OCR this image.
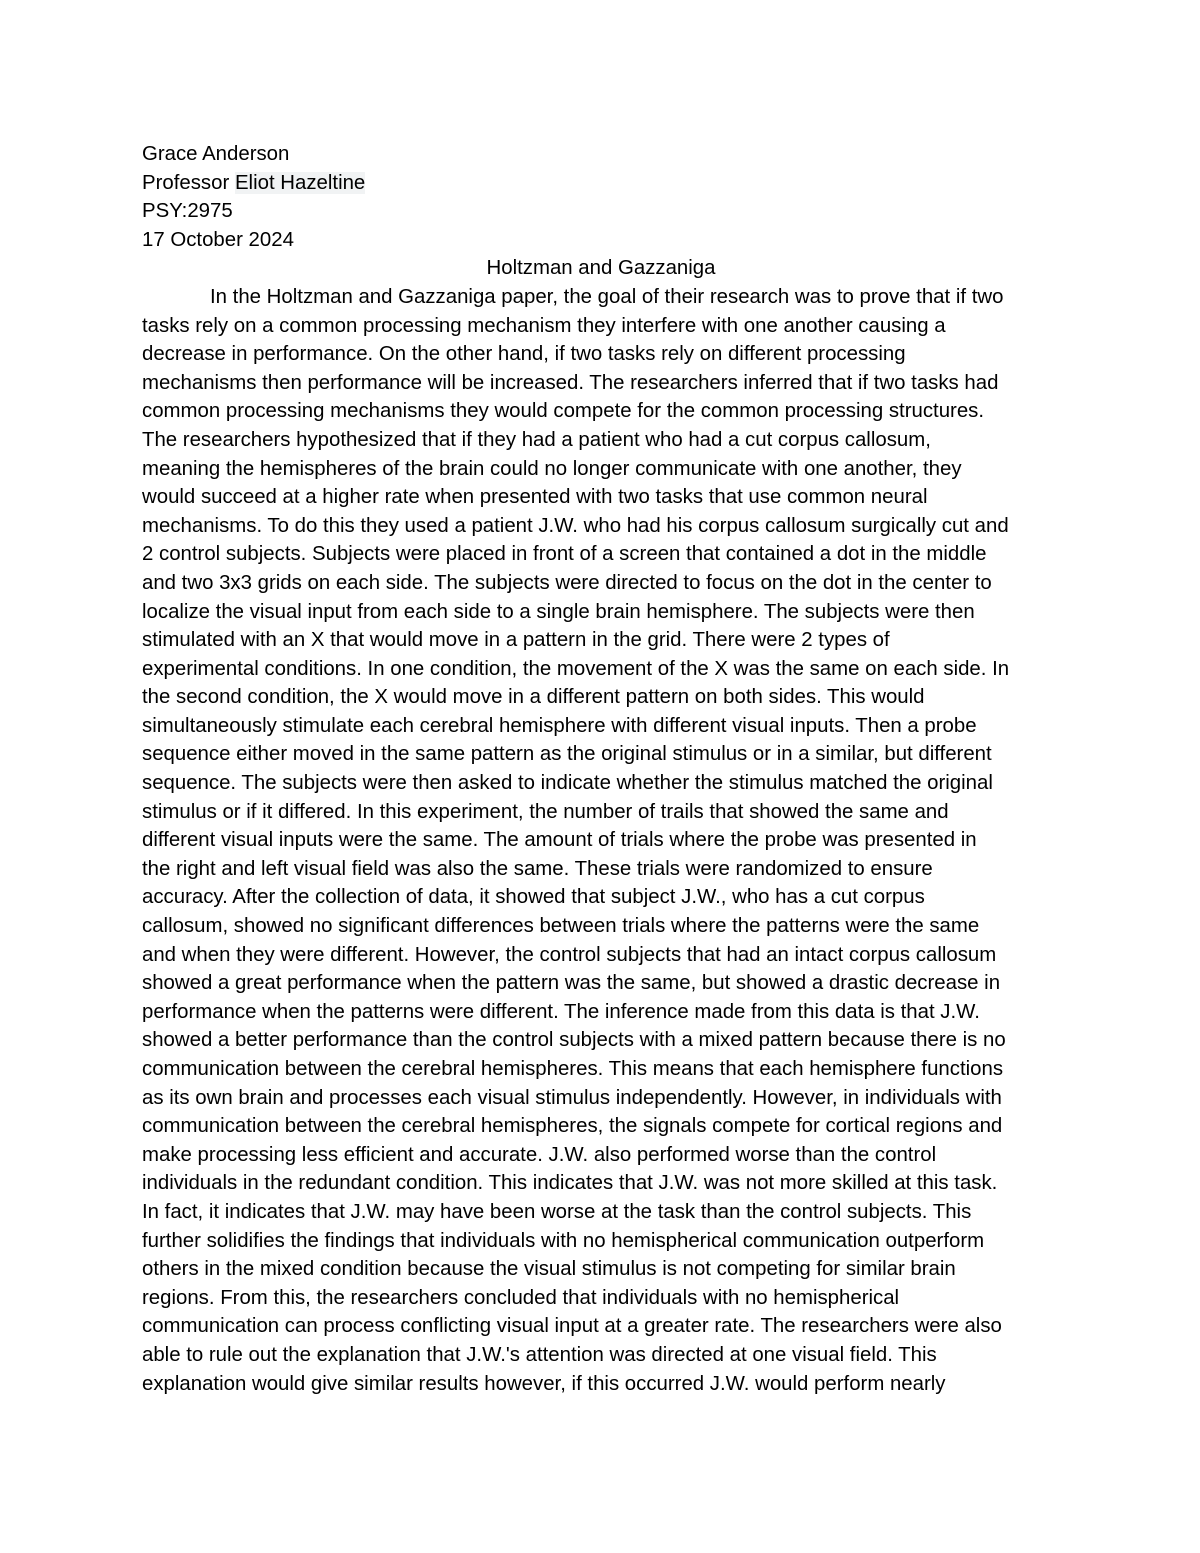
Grace Anderson
Professor Eliot Hazeltine
PSY:2975
17 October 2024
Holtzman and Gazzaniga
In the Holtzman and Gazzaniga paper, the goal of their research was to prove that if two
tasks rely on a common processing mechanism they interfere with one another causing a
decrease in performance. On the other hand, if two tasks rely on different processing
mechanisms then performance will be increased. The researchers inferred that if two tasks had
common processing mechanisms they would compete for the common processing structures.
The researchers hypothesized that if they had a patient who had a cut corpus callosum,
meaning the hemispheres of the brain could no longer communicate with one another, they
would succeed at a higher rate when presented with two tasks that use common neural
mechanisms. To do this they used a patient J.W. who had his corpus callosum surgically cut and
2 control subjects. Subjects were placed in front of a screen that contained a dot in the middle
and two 3x3 grids on each side. The subjects were directed to focus on the dot in the center to
localize the visual input from each side to a single brain hemisphere. The subjects were then
stimulated with an X that would move in a pattern in the grid. There were 2 types of
experimental conditions. In one condition, the movement of the X was the same on each side. In
the second condition, the X would move in a different pattern on both sides. This would
simultaneously stimulate each cerebral hemisphere with different visual inputs. Then a probe
sequence either moved in the same pattern as the original stimulus or in a similar, but different
sequence. The subjects were then asked to indicate whether the stimulus matched the original
stimulus or if it differed. In this experiment, the number of trails that showed the same and
different visual inputs were the same. The amount of trials where the probe was presented in
the right and left visual field was also the same. These trials were randomized to ensure
accuracy. After the collection of data, it showed that subject J.W., who has a cut corpus
callosum, showed no significant differences between trials where the patterns were the same
and when they were different. However, the control subjects that had an intact corpus callosum
showed a great performance when the pattern was the same, but showed a drastic decrease in
performance when the patterns were different. The inference made from this data is that J.W.
showed a better performance than the control subjects with a mixed pattern because there is no
communication between the cerebral hemispheres. This means that each hemisphere functions
as its own brain and processes each visual stimulus independently. However, in individuals with
communication between the cerebral hemispheres, the signals compete for cortical regions and
make processing less efficient and accurate. J.W. also performed worse than the control
individuals in the redundant condition. This indicates that J.W. was not more skilled at this task.
In fact, it indicates that J.W. may have been worse at the task than the control subjects. This
further solidifies the findings that individuals with no hemispherical communication outperform
others in the mixed condition because the visual stimulus is not competing for similar brain
regions. From this, the researchers concluded that individuals with no hemispherical
communication can process conflicting visual input at a greater rate. The researchers were also
able to rule out the explanation that J.W.'s attention was directed at one visual field. This
explanation would give similar results however, if this occurred J.W. would perform nearly
